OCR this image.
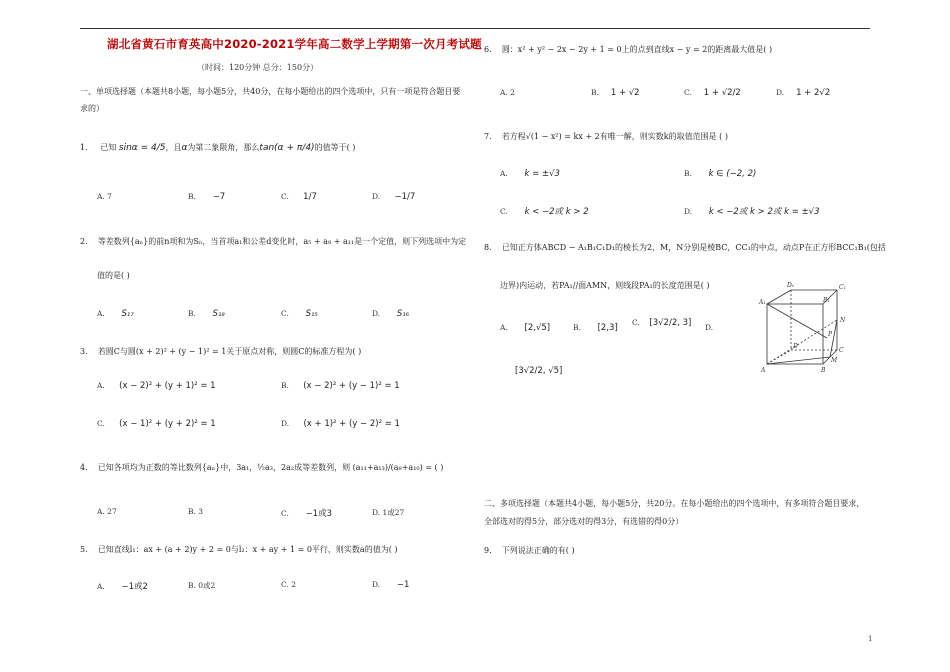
湖北省黄石市育英高中2020-2021学年高二数学上学期第一次月考试题
（时间：120分钟 总分：150分）
一、单项选择题（本题共8小题，每小题5分，共40分，在每小题给出的四个选项中，只有一项是符合题目要
求的）
1. 已知 sinα = 4/5，且α为第二象限角，那么tan(α + π/4)的值等于( )
A. 7	B. −7	C. 1/7	D. −1/7
2. 等差数列{aₙ}的前n项和为Sₙ，当首项a₁和公差d变化时，a₅ + a₈ + a₁₁是一个定值，则下列选项中为定
值的是( )
A. S₁₇	B. S₁₈	C. S₁₅	D. S₁₆
3. 若圆C与圆(x + 2)² + (y − 1)² = 1关于原点对称，则圆C的标准方程为( )
A. (x − 2)² + (y + 1)² = 1	B. (x − 2)² + (y − 1)² = 1
C. (x − 1)² + (y + 2)² = 1	D. (x + 1)² + (y − 2)² = 1
4. 已知各项均为正数的等比数列{aₙ}中，3a₁，½a₃，2a₂成等差数列，则 (a₁₁+a₁₃)/(a₈+a₁₀) = ( )
A. 27	B. 3	C. −1或3	D. 1或27
5. 已知直线l₁：ax + (a + 2)y + 2 = 0与l₂：x + ay + 1 = 0平行，则实数a的值为( )
A. −1或2	B. 0或2	C. 2	D. −1
6. 圆：x² + y² − 2x − 2y + 1 = 0上的点到直线x − y = 2的距离最大值是( )
A. 2	B. 1 + √2	C. 1 + √2/2	D. 1 + 2√2
7. 若方程√(1 − x²) = kx + 2有唯一解，则实数k的取值范围是 ( )
A. k = ±√3	B. k ∈ (−2, 2)
C. k < −2或 k > 2	D. k < −2或 k > 2或 k = ±√3
8. 已知正方体ABCD − A₁B₁C₁D₁的棱长为2，M，N分别是棱BC，CC₁的中点，动点P在正方形BCC₁B₁(包括
边界)内运动，若PA₁//面AMN，则线段PA₁的长度范围是( )
A. [2,√5]	B. [2,3]
C. [3√2/2, 3] D.
[3√2/2, √5]
D₁	C₁
A₁	B₁
D
C
A	B
M
N
P
二、多项选择题（本题共4小题，每小题5分，共20分。在每小题给出的四个选项中，有多项符合题目要求，
全部选对的得5分，部分选对的得3分，有选错的得0分）
9. 下列说法正确的有( )
1
